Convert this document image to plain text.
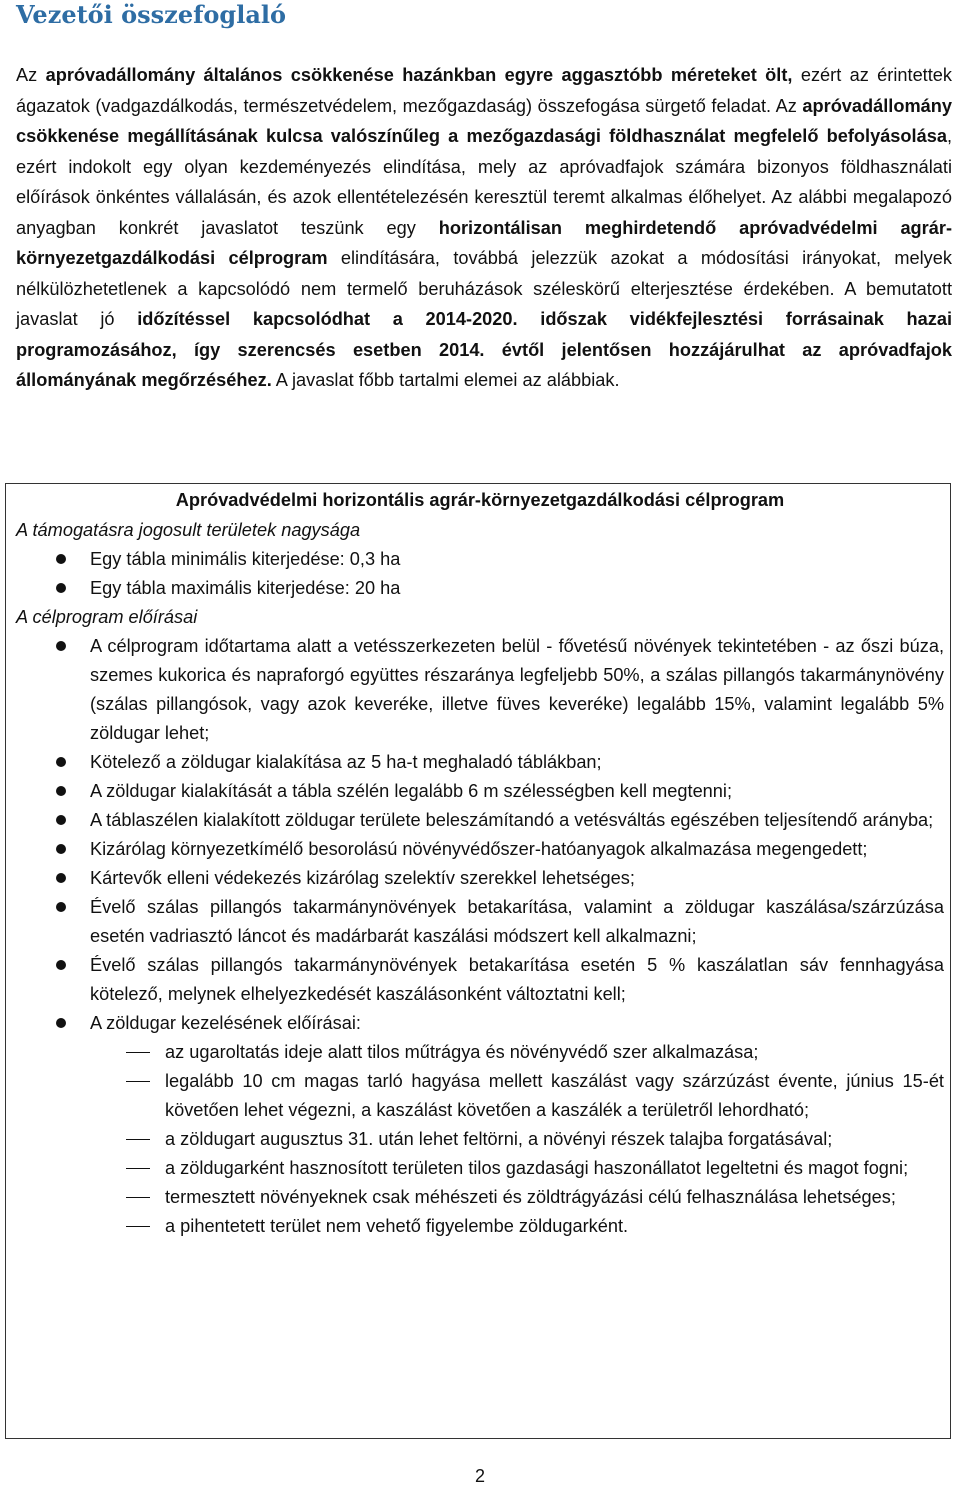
Vezetői összefoglaló

Az apróvadállomány általános csökkenése hazánkban egyre aggasztóbb méreteket ölt, ezért az érintettek ágazatok (vadgazdálkodás, természetvédelem, mezőgazdaság) összefogása sürgető feladat. Az apróvadállomány csökkenése megállításának kulcsa valószínűleg a mezőgazdasági földhasználat megfelelő befolyásolása, ezért indokolt egy olyan kezdeményezés elindítása, mely az apróvadfajok számára bizonyos földhasználati előírások önkéntes vállalásán, és azok ellentételezésén keresztül teremt alkalmas élőhelyet. Az alábbi megalapozó anyagban konkrét javaslatot teszünk egy horizontálisan meghirdetendő apróvadvédelmi agrár-környezetgazdálkodási célprogram elindítására, továbbá jelezzük azokat a módosítási irányokat, melyek nélkülözhetetlenek a kapcsolódó nem termelő beruházások széleskörű elterjesztése érdekében. A bemutatott javaslat jó időzítéssel kapcsolódhat a 2014-2020. időszak vidékfejlesztési forrásainak hazai programozásához, így szerencsés esetben 2014. évtől jelentősen hozzájárulhat az apróvadfajok állományának megőrzéséhez. A javaslat főbb tartalmi elemei az alábbiak.

Apróvadvédelmi horizontális agrár-környezetgazdálkodási célprogram

A támogatásra jogosult területek nagysága

Egy tábla minimális kiterjedése: 0,3 ha
Egy tábla maximális kiterjedése: 20 ha

A célprogram előírásai

A célprogram időtartama alatt a vetésszerkezeten belül - fővetésű növények tekintetében - az őszi búza, szemes kukorica és napraforgó együttes részaránya legfeljebb 50%, a szálas pillangós takarmánynövény (szálas pillangósok, vagy azok keveréke, illetve füves keveréke) legalább 15%, valamint legalább 5% zöldugar lehet;
Kötelező a zöldugar kialakítása az 5 ha-t meghaladó táblákban;
A zöldugar kialakítását a tábla szélén legalább 6 m szélességben kell megtenni;
A táblaszélen kialakított zöldugar területe beleszámítandó a vetésváltás egészében teljesítendő arányba;
Kizárólag környezetkímélő besorolású növényvédőszer-hatóanyagok alkalmazása megengedett;
Kártevők elleni védekezés kizárólag szelektív szerekkel lehetséges;
Évelő szálas pillangós takarmánynövények betakarítása, valamint a zöldugar kaszálása/szárzúzása esetén vadriasztó láncot és madárbarát kaszálási módszert kell alkalmazni;
Évelő szálas pillangós takarmánynövények betakarítása esetén 5 % kaszálatlan sáv fennhagyása kötelező, melynek elhelyezkedését kaszálásonként változtatni kell;
A zöldugar kezelésének előírásai:
az ugaroltatás ideje alatt tilos műtrágya és növényvédő szer alkalmazása;
legalább 10 cm magas tarló hagyása mellett kaszálást vagy szárzúzást évente, június 15-ét követően lehet végezni, a kaszálást követően a kaszálék a területről lehordható;
a zöldugart augusztus 31. után lehet feltörni, a növényi részek talajba forgatásával;
a zöldugarként hasznosított területen tilos gazdasági haszonállatot legeltetni és magot fogni;
termesztett növényeknek csak méhészeti és zöldtrágyázási célú felhasználása lehetséges;
a pihentetett terület nem vehető figyelembe zöldugarként.
2
